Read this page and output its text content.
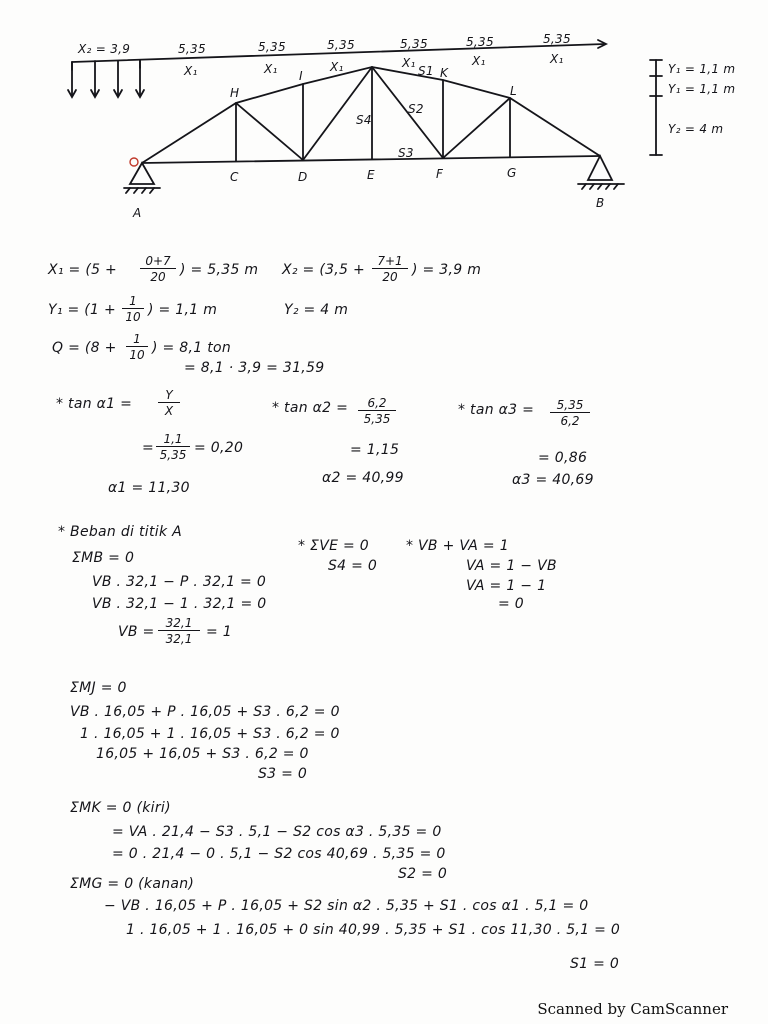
X₂ = 3,9	5,35	5,35	5,35	5,35	5,35	5,35
X₁	X₁	X₁	X₁	X₁	X₁
A
B
C	D	E	F	G
H
I	K
L
S1
S2
S3
S4
Y₁ = 1,1 m
Y₁ = 1,1 m
Y₂ = 4 m
$X_1 = (5 + \frac{0+7}{20}$ ) = 5,35 m $X_2 = (3,5 + \frac{7+1}{20}$ ) = 3,9 m
$Y_1 = (1 + \frac{1}{10}$ ) = 1,1 m	Y₂ = 4 m
$Q = (8 + \frac{1}{10}$ ) = 8,1 ton
= 8,1 · 3,9 = 31,59
* $\tan \alpha 1 = \frac{Y}{X}$
= $\frac{1,1}{5,35} = 0,20$
α1 = 11,30
* $\tan \alpha 2 = \frac{6,2}{5,35}$
= 1,15
α2 = 40,99
* $\tan \alpha 3 = \frac{5,35}{6,2}$
= 0,86
α3 = 40,69
* Beban di titik A
ΣMB = 0
VB . 32,1 − P . 32,1 = 0
VB . 32,1 − 1 . 32,1 = 0
VB = $\frac{32,1}{32,1} = 1$
* ΣVE = 0
S4 = 0
* VB + VA = 1
VA = 1 − VB
VA = 1 − 1
= 0
ΣMJ = 0
VB . 16,05 + P . 16,05 + S3 . 6,2 = 0
1 . 16,05 + 1 . 16,05 + S3 . 6,2 = 0
16,05 + 16,05 + S3 . 6,2 = 0
S3 = 0
ΣMK = 0 (kiri)
= VA . 21,4 − S3 . 5,1 − S2 cos α3 . 5,35 = 0
= 0 . 21,4 − 0 . 5,1 − S2 cos 40,69 . 5,35 = 0
S2 = 0
ΣMG = 0 (kanan)
− VB . 16,05 + P . 16,05 + S2 sin α2 . 5,35 + S1 . cos α1 . 5,1 = 0
1 . 16,05 + 1 . 16,05 + 0 sin 40,99 . 5,35 + S1 . cos 11,30 . 5,1 = 0
S1 = 0
Scanned by CamScanner
